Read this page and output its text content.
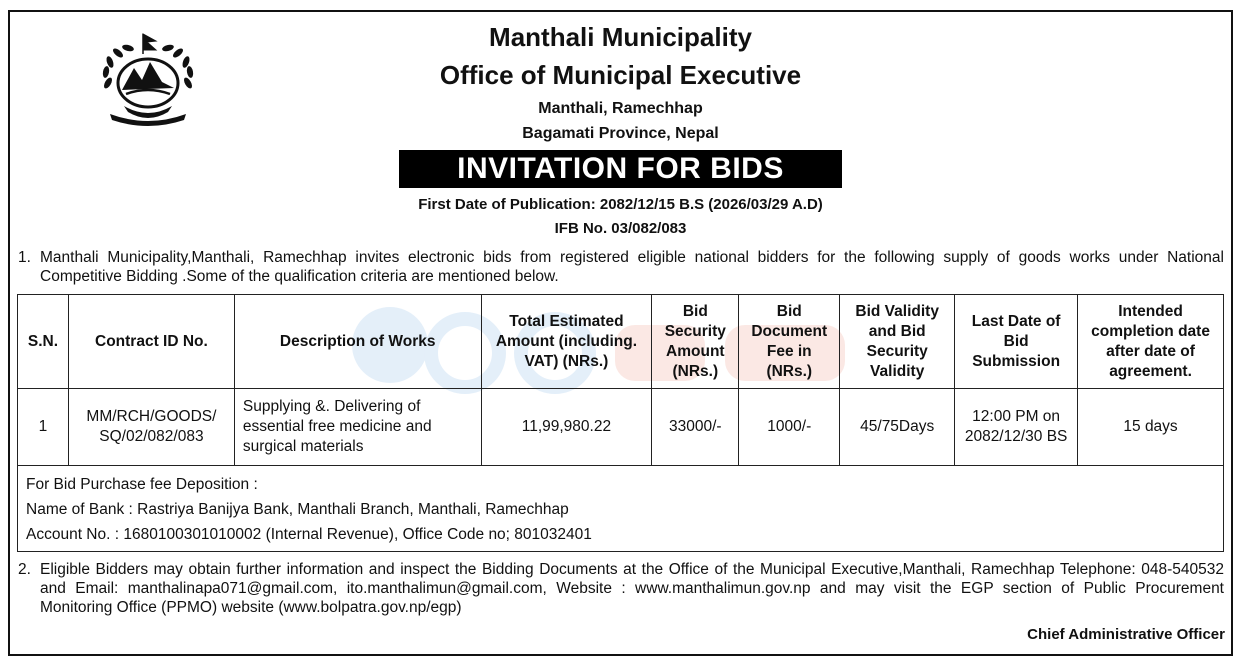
Manthali Municipality
Office of Municipal Executive
Manthali, Ramechhap
Bagamati Province, Nepal
INVITATION FOR BIDS
First Date of Publication: 2082/12/15 B.S (2026/03/29 A.D)
IFB No. 03/082/083
1. Manthali Municipality,Manthali, Ramechhap invites electronic bids from registered eligible national bidders for the following supply of goods works under National Competitive Bidding .Some of the qualification criteria are mentioned below.
S.N.	Contract ID No.	Description of Works	Total Estimated Amount (including. VAT) (NRs.)	Bid Security Amount (NRs.)	Bid Document Fee in (NRs.)	Bid Validity and Bid Security Validity	Last Date of Bid Submission	Intended completion date after date of agreement.
1	MM/RCH/GOODS/ SQ/02/082/083	Supplying &. Delivering of essential free medicine and surgical materials	11,99,980.22	33000/-	1000/-	45/75Days	12:00 PM on 2082/12/30 BS	15 days

For Bid Purchase fee Deposition :
Name of Bank : Rastriya Banijya Bank, Manthali Branch, Manthali, Ramechhap
Account No. : 1680100301010002 (Internal Revenue), Office Code no; 801032401								
2. Eligible Bidders may obtain further information and inspect the Bidding Documents at the Office of the Municipal Executive,Manthali, Ramechhap Telephone: 048-540532 and Email: manthalinapa071@gmail.com, ito.manthalimun@gmail.com, Website : www.manthalimun.gov.np and may visit the EGP section of Public Procurement Monitoring Office (PPMO) website (www.bolpatra.gov.np/egp)
Chief Administrative Officer
